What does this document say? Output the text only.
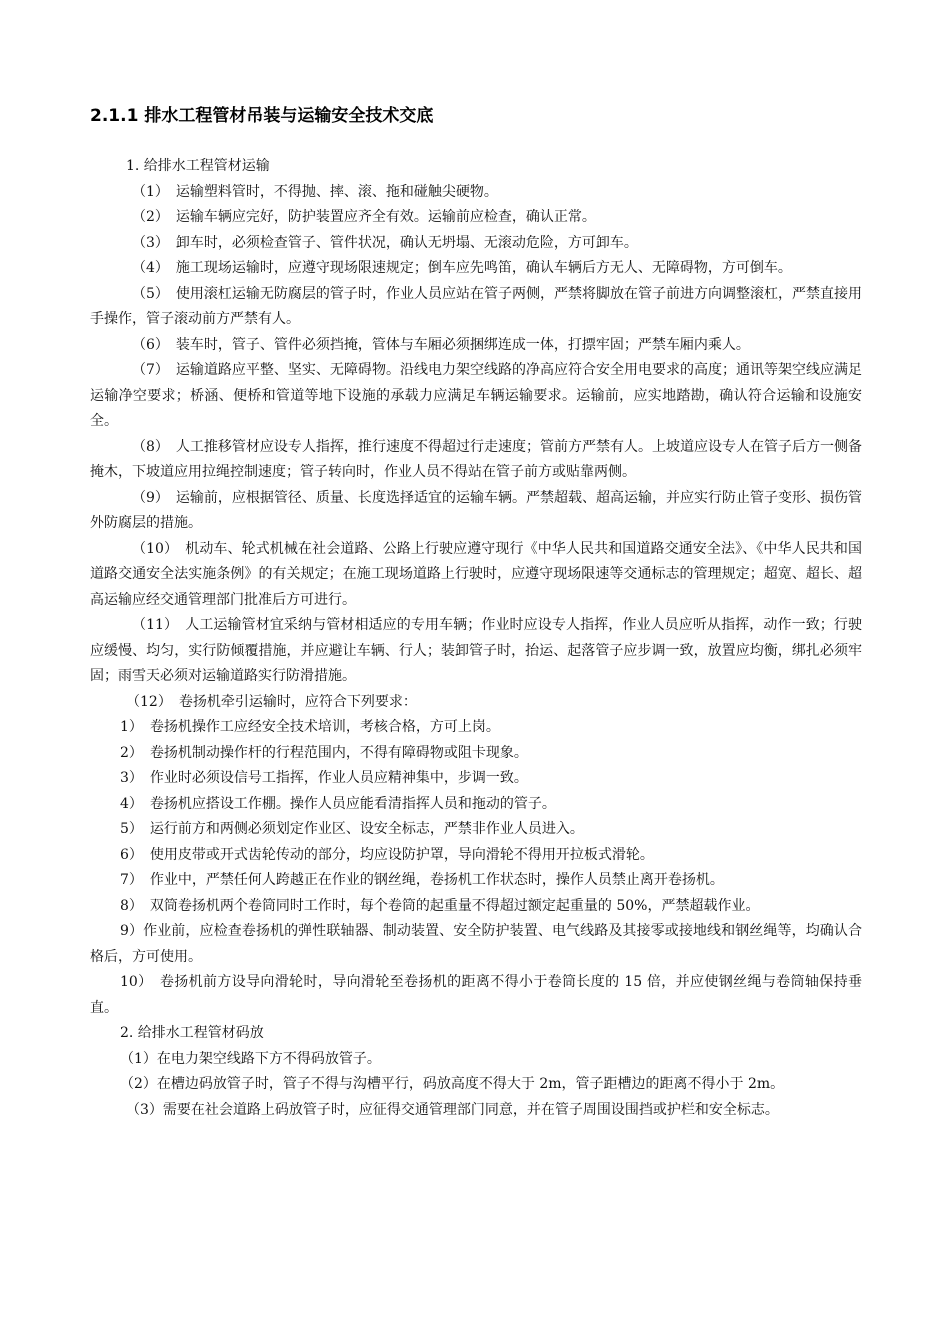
2.1.1 排水工程管材吊装与运输安全技术交底

1. 给排水工程管材运输

（1）　运输塑料管时，不得抛、摔、滚、拖和碰触尖硬物。

（2）　运输车辆应完好，防护装置应齐全有效。运输前应检查，确认正常。

（3）　卸车时，必须检查管子、管件状况，确认无坍塌、无滚动危险，方可卸车。

（4）　施工现场运输时，应遵守现场限速规定；倒车应先鸣笛，确认车辆后方无人、无障碍物，方可倒车。

（5）　使用滚杠运输无防腐层的管子时，作业人员应站在管子两侧，严禁将脚放在管子前进方向调整滚杠，严禁直接用手操作，管子滚动前方严禁有人。

（6）　装车时，管子、管件必须挡掩，管体与车厢必须捆绑连成一体，打摽牢固；严禁车厢内乘人。

（7）　运输道路应平整、坚实、无障碍物。沿线电力架空线路的净高应符合安全用电要求的高度；通讯等架空线应满足运输净空要求；桥涵、便桥和管道等地下设施的承载力应满足车辆运输要求。运输前，应实地踏勘，确认符合运输和设施安全。

（8）　人工推移管材应设专人指挥，推行速度不得超过行走速度；管前方严禁有人。上坡道应设专人在管子后方一侧备掩木，下坡道应用拉绳控制速度；管子转向时，作业人员不得站在管子前方或贴靠两侧。

（9）　运输前，应根据管径、质量、长度选择适宜的运输车辆。严禁超载、超高运输，并应实行防止管子变形、损伤管外防腐层的措施。

（10）　机动车、轮式机械在社会道路、公路上行驶应遵守现行《中华人民共和国道路交通安全法》、《中华人民共和国道路交通安全法实施条例》的有关规定；在施工现场道路上行驶时，应遵守现场限速等交通标志的管理规定；超宽、超长、超高运输应经交通管理部门批准后方可进行。

（11）　人工运输管材宜采纳与管材相适应的专用车辆；作业时应设专人指挥，作业人员应听从指挥，动作一致；行驶应缓慢、均匀，实行防倾覆措施，并应避让车辆、行人；装卸管子时，抬运、起落管子应步调一致，放置应均衡，绑扎必须牢固；雨雪天必须对运输道路实行防滑措施。

（12）　卷扬机牵引运输时，应符合下列要求：

1）　卷扬机操作工应经安全技术培训，考核合格，方可上岗。

2）　卷扬机制动操作杆的行程范围内，不得有障碍物或阻卡现象。

3）　作业时必须设信号工指挥，作业人员应精神集中，步调一致。

4）　卷扬机应搭设工作棚。操作人员应能看清指挥人员和拖动的管子。

5）　运行前方和两侧必须划定作业区、设安全标志，严禁非作业人员进入。

6）　使用皮带或开式齿轮传动的部分，均应设防护罩，导向滑轮不得用开拉板式滑轮。

7）　作业中，严禁任何人跨越正在作业的钢丝绳，卷扬机工作状态时，操作人员禁止离开卷扬机。

8）　双筒卷扬机两个卷筒同时工作时，每个卷筒的起重量不得超过额定起重量的 50%，严禁超载作业。

9）作业前，应检查卷扬机的弹性联轴器、制动装置、安全防护装置、电气线路及其接零或接地线和钢丝绳等，均确认合格后，方可使用。

10）　卷扬机前方设导向滑轮时，导向滑轮至卷扬机的距离不得小于卷筒长度的 15 倍，并应使钢丝绳与卷筒轴保持垂直。

2. 给排水工程管材码放

（1）在电力架空线路下方不得码放管子。

（2）在槽边码放管子时，管子不得与沟槽平行，码放高度不得大于 2m，管子距槽边的距离不得小于 2m。

（3）需要在社会道路上码放管子时，应征得交通管理部门同意，并在管子周围设围挡或护栏和安全标志。
